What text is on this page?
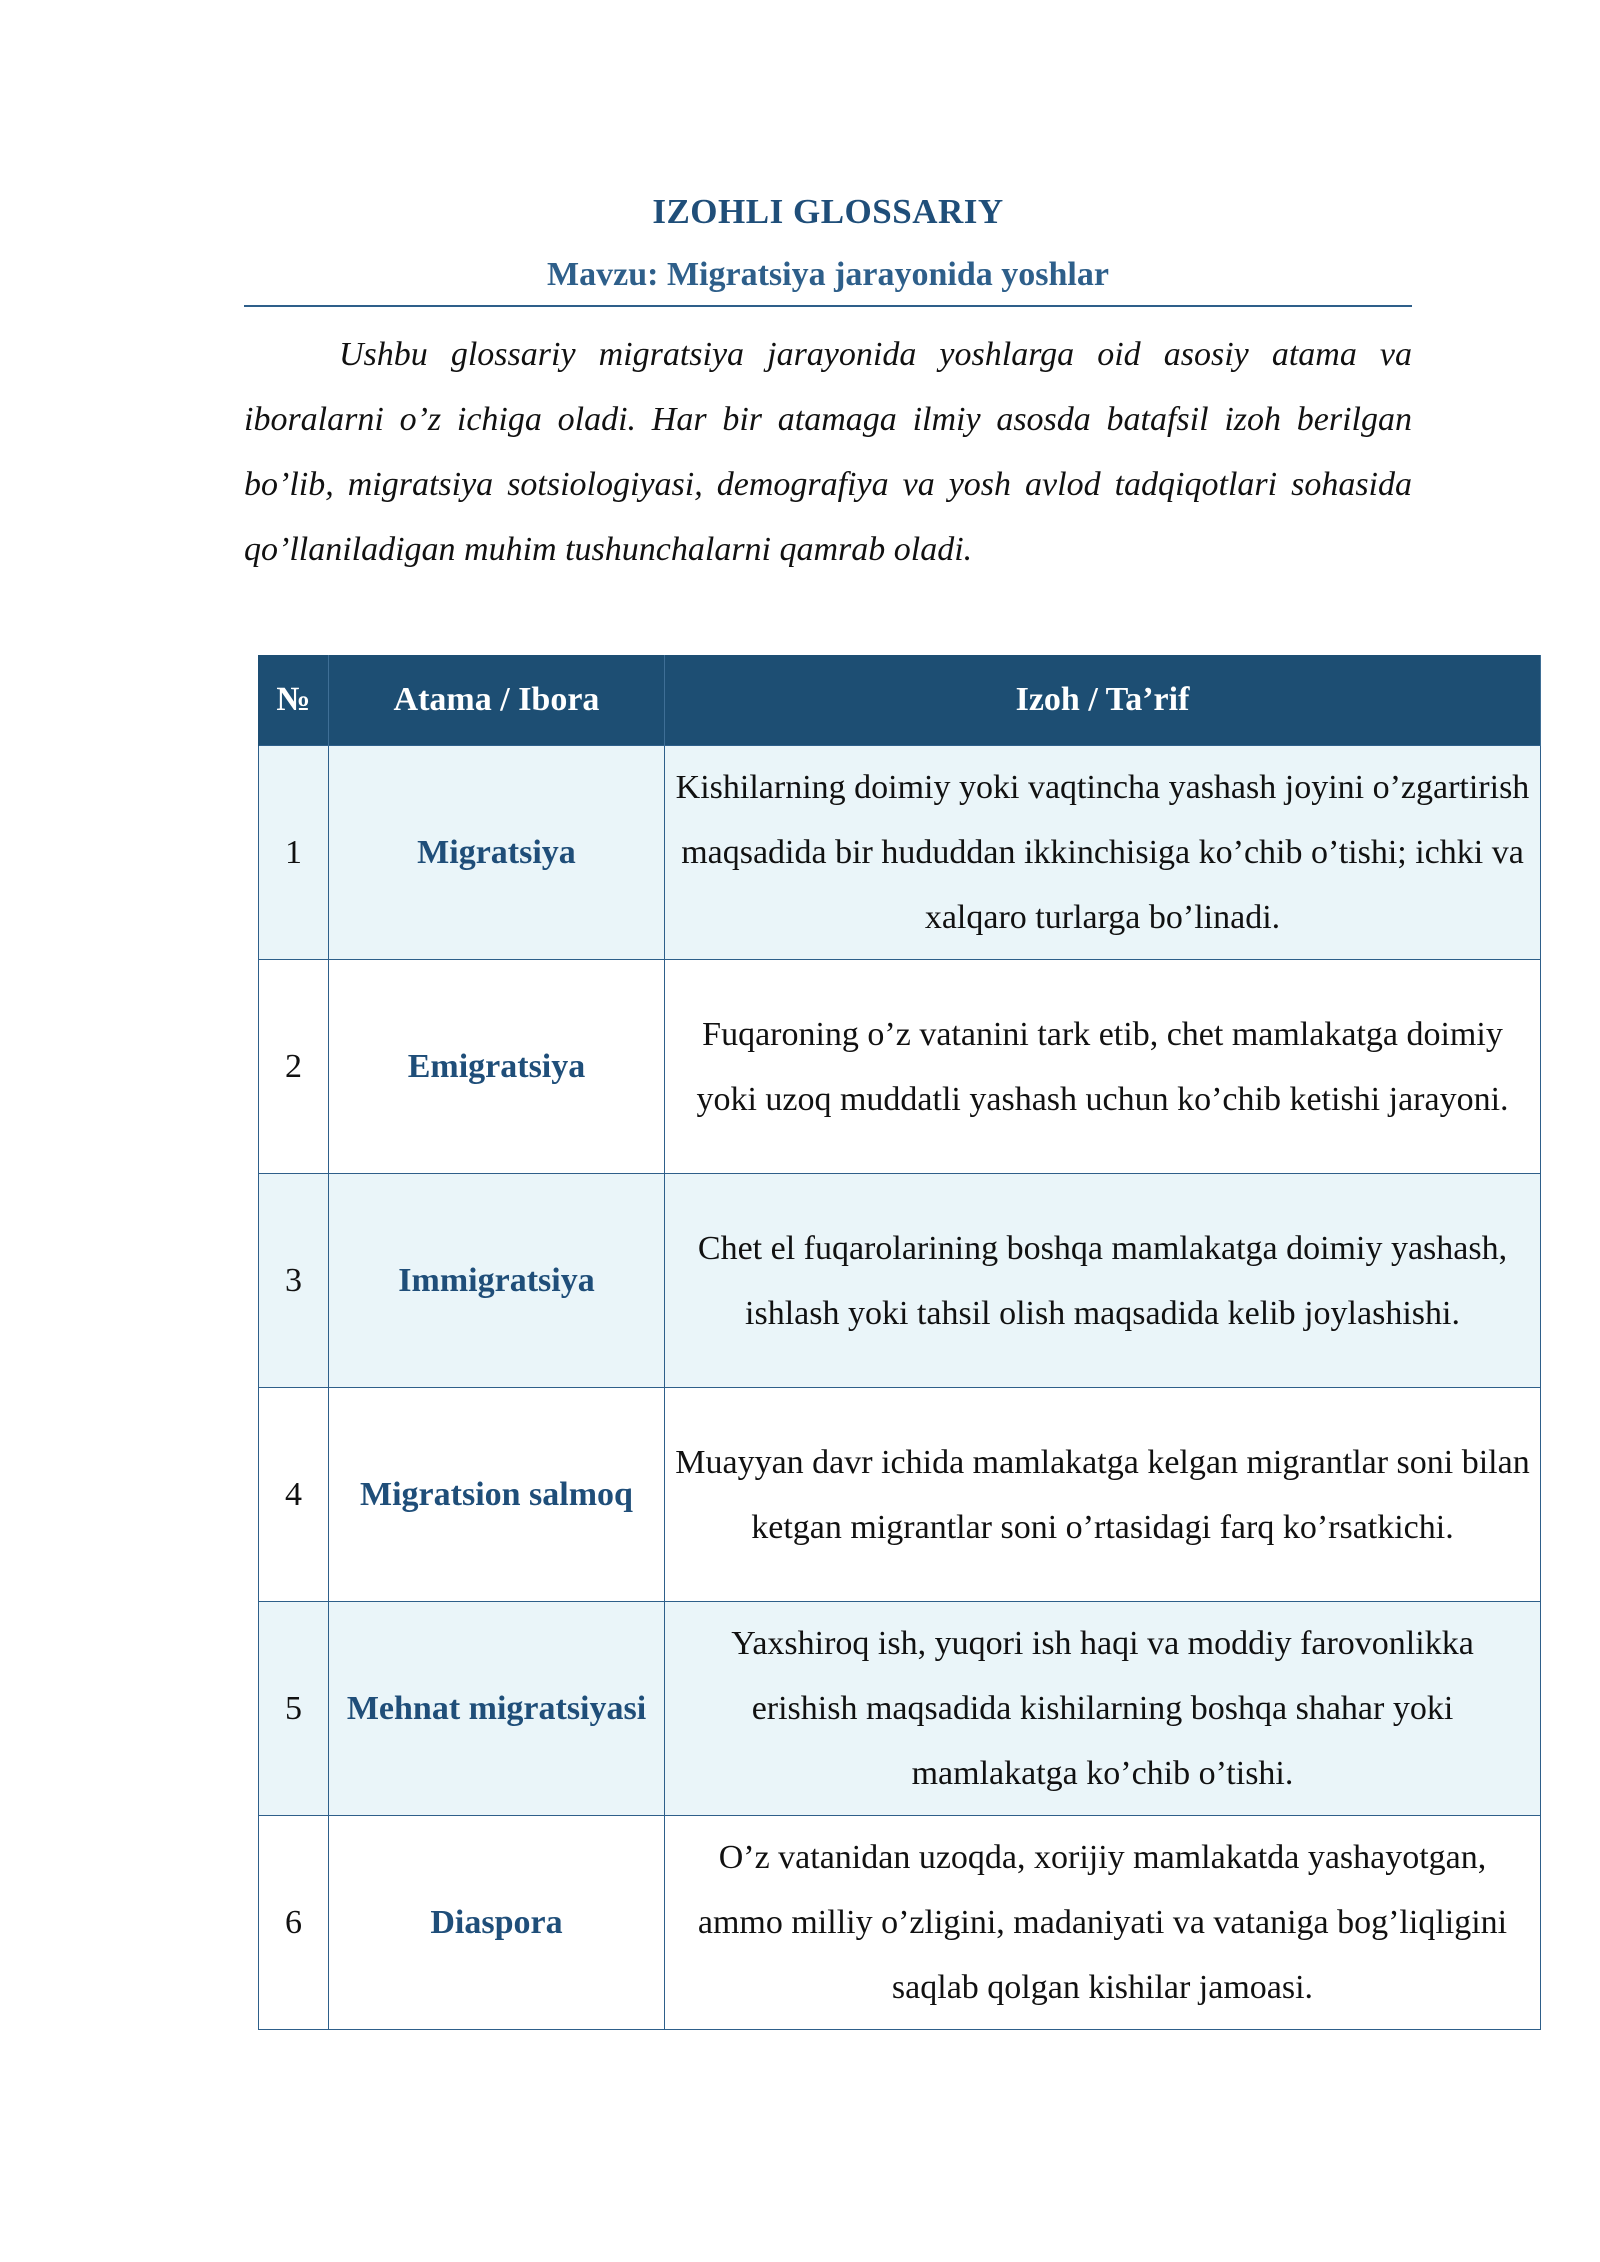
IZOHLI GLOSSARIY
Mavzu: Migratsiya jarayonida yoshlar

Ushbu glossariy migratsiya jarayonida yoshlarga oid asosiy atama va iboralarni o’z ichiga oladi. Har bir atamaga ilmiy asosda batafsil izoh berilgan bo’lib, migratsiya sotsiologiyasi, demografiya va yosh avlod tadqiqotlari sohasida qo’llaniladigan muhim tushunchalarni qamrab oladi.

№	Atama / Ibora	Izoh / Ta’rif
1	Migratsiya	Kishilarning doimiy yoki vaqtincha yashash joyini o’zgartirish maqsadida bir hududdan ikkinchisiga ko’chib o’tishi; ichki va xalqaro turlarga bo’linadi.
2	Emigratsiya	Fuqaroning o’z vatanini tark etib, chet mamlakatga doimiy yoki uzoq muddatli yashash uchun ko’chib ketishi jarayoni.
3	Immigratsiya	Chet el fuqarolarining boshqa mamlakatga doimiy yashash, ishlash yoki tahsil olish maqsadida kelib joylashishi.
4	Migratsion salmoq	Muayyan davr ichida mamlakatga kelgan migrantlar soni bilan ketgan migrantlar soni o’rtasidagi farq ko’rsatkichi.
5	Mehnat migratsiyasi	Yaxshiroq ish, yuqori ish haqi va moddiy farovonlikka erishish maqsadida kishilarning boshqa shahar yoki mamlakatga ko’chib o’tishi.
6	Diaspora	O’z vatanidan uzoqda, xorijiy mamlakatda yashayotgan, ammo milliy o’zligini, madaniyati va vataniga bog’liqligini saqlab qolgan kishilar jamoasi.
